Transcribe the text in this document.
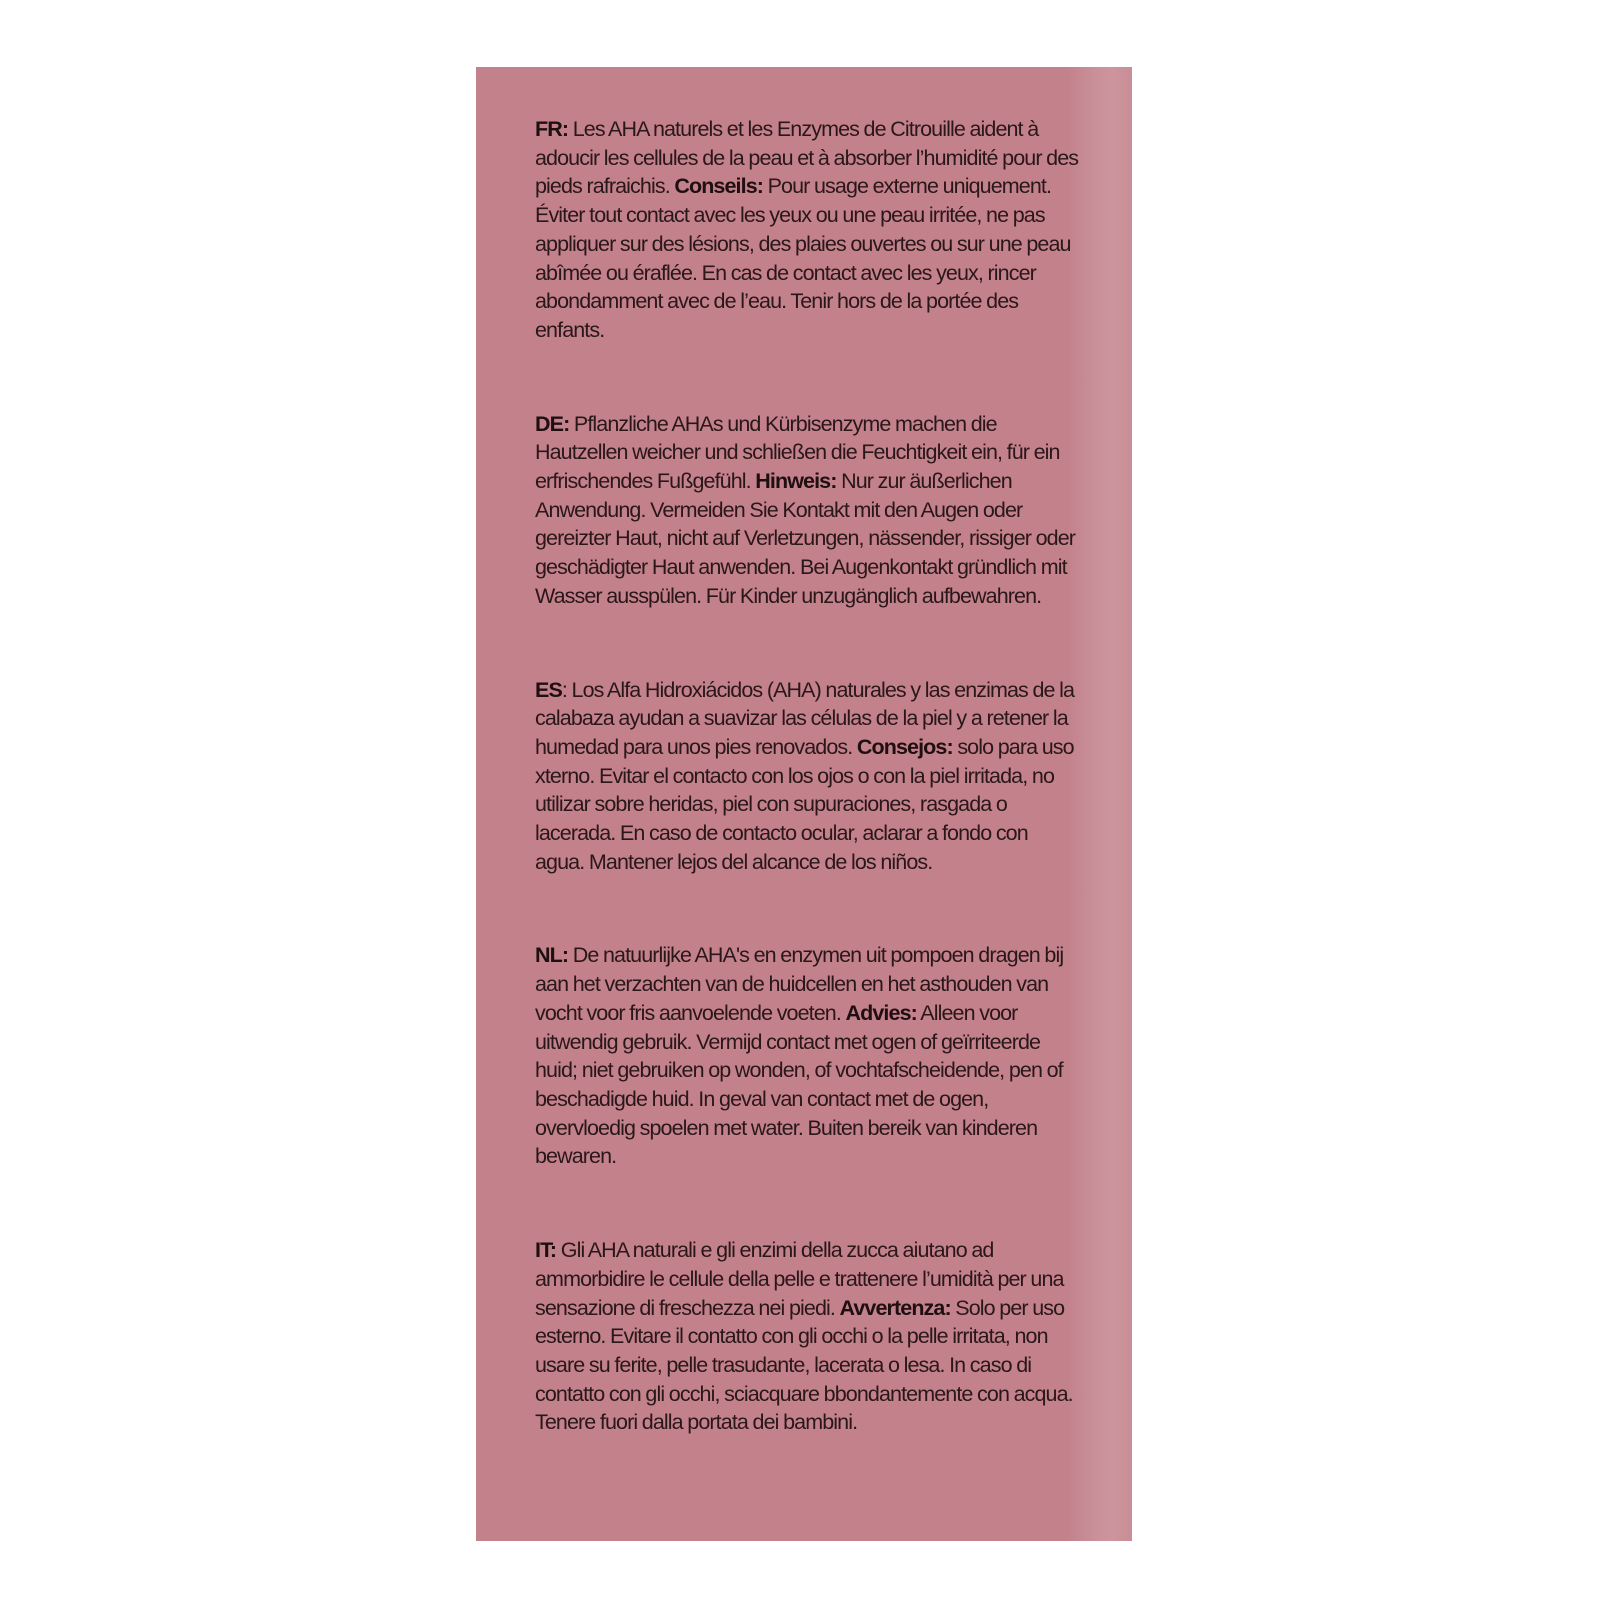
FR: Les AHA naturels et les Enzymes de Citrouille aident à adoucir les cellules de la peau et à absorber l’humidité pour des pieds rafraichis. Conseils: Pour usage externe uniquement. Éviter tout contact avec les yeux ou une peau irritée, ne pas appliquer sur des lésions, des plaies ouvertes ou sur une peau abîmée ou éraflée. En cas de contact avec les yeux, rincer abondamment avec de l’eau. Tenir hors de la portée des enfants.

DE: Pflanzliche AHAs und Kürbisenzyme machen die Hautzellen weicher und schließen die Feuchtigkeit ein, für ein erfrischendes Fußgefühl. Hinweis: Nur zur äußerlichen Anwendung. Vermeiden Sie Kontakt mit den Augen oder gereizter Haut, nicht auf Verletzungen, nässender, rissiger oder geschädigter Haut anwenden. Bei Augenkontakt gründlich mit Wasser ausspülen. Für Kinder unzugänglich aufbewahren.

ES: Los Alfa Hidroxiácidos (AHA) naturales y las enzimas de la calabaza ayudan a suavizar las células de la piel y a retener la humedad para unos pies renovados. Consejos: solo para uso xterno. Evitar el contacto con los ojos o con la piel irritada, no utilizar sobre heridas, piel con supuraciones, rasgada o lacerada. En caso de contacto ocular, aclarar a fondo con agua. Mantener lejos del alcance de los niños.

NL: De natuurlijke AHA's en enzymen uit pompoen dragen bij aan het verzachten van de huidcellen en het asthouden van vocht voor fris aanvoelende voeten. Advies: Alleen voor uitwendig gebruik. Vermijd contact met ogen of geïrriteerde huid; niet gebruiken op wonden, of vochtafscheidende, pen of beschadigde huid. In geval van contact met de ogen, overvloedig spoelen met water. Buiten bereik van kinderen bewaren.

IT: Gli AHA naturali e gli enzimi della zucca aiutano ad ammorbidire le cellule della pelle e trattenere l’umidità per una sensazione di freschezza nei piedi. Avvertenza: Solo per uso esterno. Evitare il contatto con gli occhi o la pelle irritata, non usare su ferite, pelle trasudante, lacerata o lesa. In caso di contatto con gli occhi, sciacquare bbondantemente con acqua. Tenere fuori dalla portata dei bambini.
